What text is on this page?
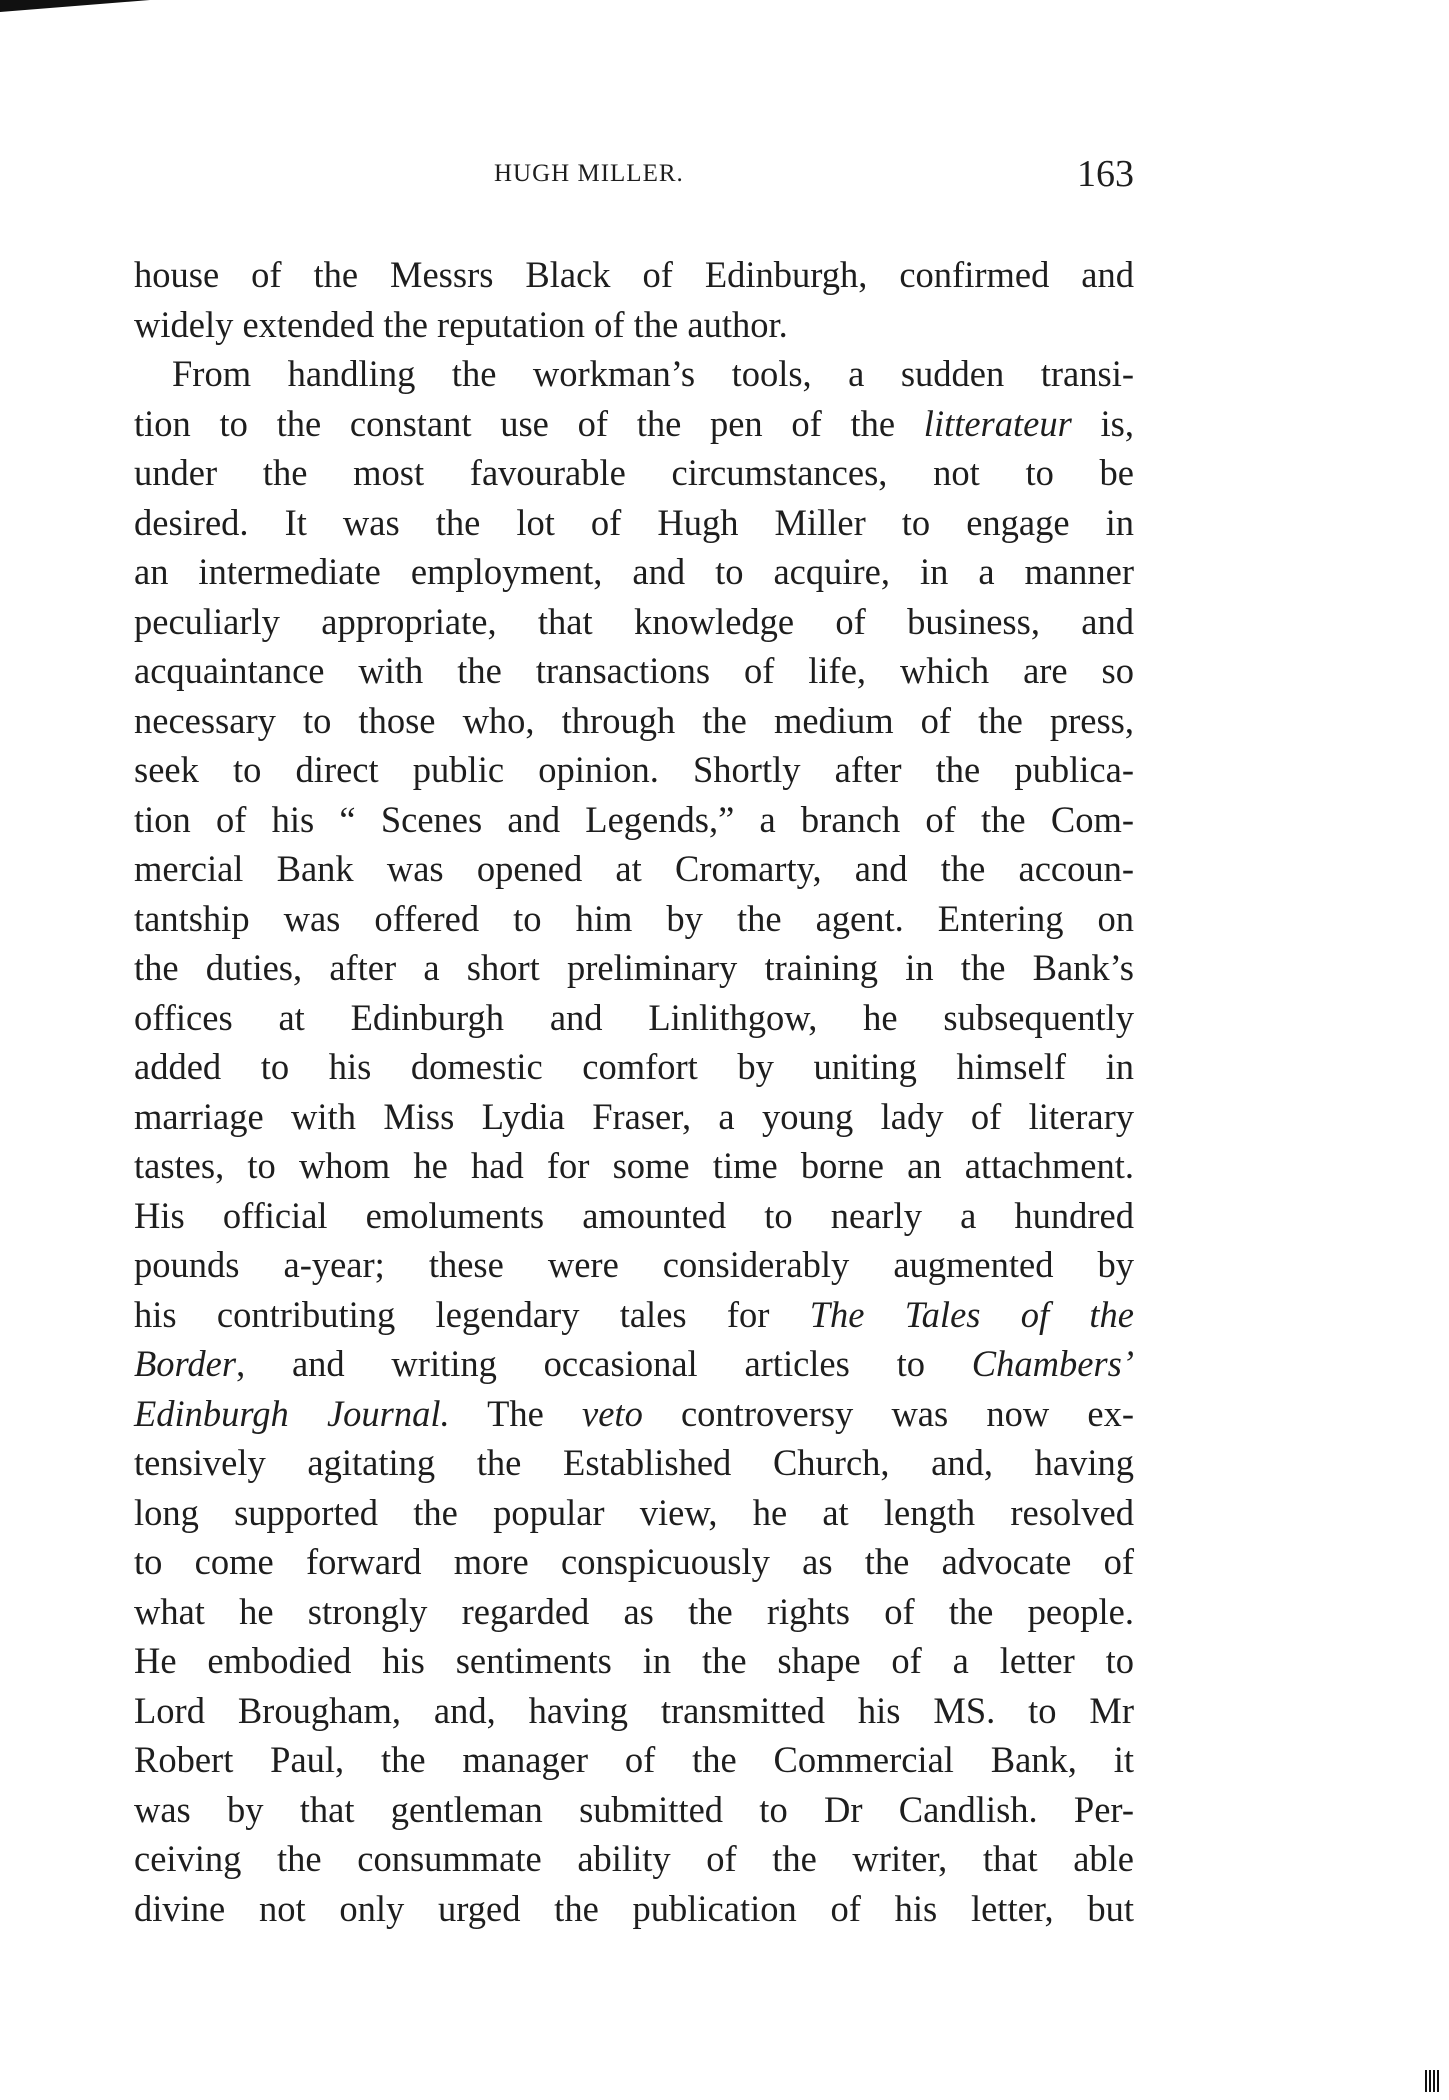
HUGH MILLER.	163
house of the Messrs Black of Edinburgh, confirmed and
widely extended the reputation of the author.
From handling the workman’s tools, a sudden transi-
tion to the constant use of the pen of the litterateur is,
under the most favourable circumstances, not to be
desired. It was the lot of Hugh Miller to engage in
an intermediate employment, and to acquire, in a manner
peculiarly appropriate, that knowledge of business, and
acquaintance with the transactions of life, which are so
necessary to those who, through the medium of the press,
seek to direct public opinion. Shortly after the publica-
tion of his “ Scenes and Legends,” a branch of the Com-
mercial Bank was opened at Cromarty, and the accoun-
tantship was offered to him by the agent. Entering on
the duties, after a short preliminary training in the Bank’s
offices at Edinburgh and Linlithgow, he subsequently
added to his domestic comfort by uniting himself in
marriage with Miss Lydia Fraser, a young lady of literary
tastes, to whom he had for some time borne an attachment.
His official emoluments amounted to nearly a hundred
pounds a-year; these were considerably augmented by
his contributing legendary tales for The Tales of the
Border, and writing occasional articles to Chambers’
Edinburgh Journal. The veto controversy was now ex-
tensively agitating the Established Church, and, having
long supported the popular view, he at length resolved
to come forward more conspicuously as the advocate of
what he strongly regarded as the rights of the people.
He embodied his sentiments in the shape of a letter to
Lord Brougham, and, having transmitted his MS. to Mr
Robert Paul, the manager of the Commercial Bank, it
was by that gentleman submitted to Dr Candlish. Per-
ceiving the consummate ability of the writer, that able
divine not only urged the publication of his letter, but
